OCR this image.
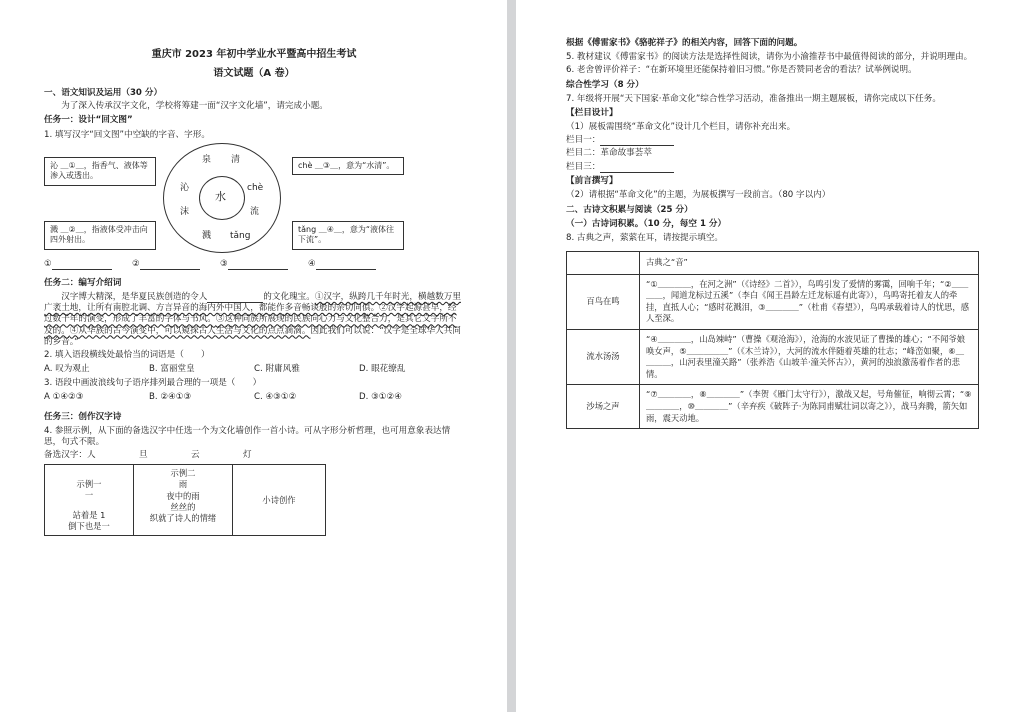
重庆市 2023 年初中学业水平暨高中招生考试
语文试题（A 卷）
一、语文知识及运用（30 分）
为了深入传承汉字文化，学校将筹建一面“汉字文化墙”，请完成小题。
任务一：设计“回文图”
1. 填写汉字“回文图”中空缺的字音、字形。
沁 ＿①＿，指香气、液体等渗入或透出。
溅 ＿②＿，指液体受冲击向四外射出。
chè ＿③＿，意为“水清”。
tǎng ＿④＿，意为“液体往下流”。
泉 清
沁	chè
沫	流
溅 tǎng
水
①	②	③	④
任务二：编写介绍词
汉字博大精深，是华夏民族创造的令人	的文化瑰宝。①汉字，纵跨几千年时光，横越数万里广袤土地，让所有南腔北调、方言异音的海内外中国人，都能作多音畅谈般的亲切同俱。②汉字起源甚早，经过数千年的演变，形成了丰富的字体与书风。③这种同族所展现的民族向心力与文化整合力，是其它文字所不及的。④从华族的古今演变中，可以窥探古人生活与文化的点点滴滴。因此我们可以说：“汉字是全球华人共同的乡音。”
2. 填入语段横线处最恰当的词语是（　　）
A. 叹为观止	B. 富丽堂皇	C. 附庸风雅	D. 眼花缭乱
3. 语段中画波浪线句子语序排列最合理的一项是（　　）
A ①④②③	B. ②④①③	C. ④③①②	D. ③①②④
任务三：创作汉字诗
4. 参照示例，从下面的备选汉字中任选一个为文化墙创作一首小诗。可从字形分析哲理，也可用意象表达情思，句式不限。
备选汉字：人	旦	云	灯
示例一
一
站着是 1
倒下也是一

示例二
雨
夜中的雨
丝丝的
织就了诗人的情绪
	小诗创作
根据《傅雷家书》《骆驼祥子》的相关内容，回答下面的问题。
5. 教材建议《傅雷家书》的阅读方法是选择性阅读，请你为小渝推荐书中最值得阅读的部分，并说明理由。
6. 老舍曾评价祥子：“在新环境里还能保持着旧习惯。”你是否赞同老舍的看法？试举例说明。
综合性学习（8 分）
7. 年级将开展“天下国家·革命文化”综合性学习活动，准备推出一期主题展板，请你完成以下任务。
【栏目设计】
（1）展板需围绕“革命文化”设计几个栏目，请你补充出来。
栏目一：
栏目二：革命故事荟萃
栏目三：
【前言撰写】
（2）请根据“革命文化”的主题，为展板撰写一段前言。（80 字以内）
二、古诗文积累与阅读（25 分）
（一）古诗词积累。（10 分，每空 1 分）
8. 古典之声，萦萦在耳，请按提示填空。
	古典之“音”
百鸟在鸣	“①＿＿＿＿，在河之洲”（《诗经》二首》），鸟鸣引发了爱情的雾霭，回响千年；“②＿＿＿＿，闻道龙标过五溪”（李白《闻王昌龄左迁龙标遥有此寄》），鸟鸣寄托着友人的牵挂，直抵人心；“感时花溅泪，③＿＿＿＿”（杜甫《春望》），鸟鸣承载着诗人的忧思，感人至深。
流水汤汤	“④＿＿＿＿，山岛竦峙”（曹操《观沧海》），沧海的水波见证了曹操的雄心；“不闻爷娘唤女声，⑤＿＿＿＿＿”（《木兰诗》），大河的流水伴随着英雄的壮志；“峰峦如聚，⑥＿＿＿＿，山河表里潼关路”（张养浩《山坡羊·潼关怀古》），黄河的浊浪激荡着作者的悲情。
沙场之声	“⑦＿＿＿＿，⑧＿＿＿＿”（李贺《雁门太守行》），激战又起，号角催征，响彻云霄；“⑨＿＿＿＿，⑩＿＿＿＿”（辛弃疾《破阵子·为陈同甫赋壮词以寄之》），战马奔腾，箭矢如雨，震天动地。
